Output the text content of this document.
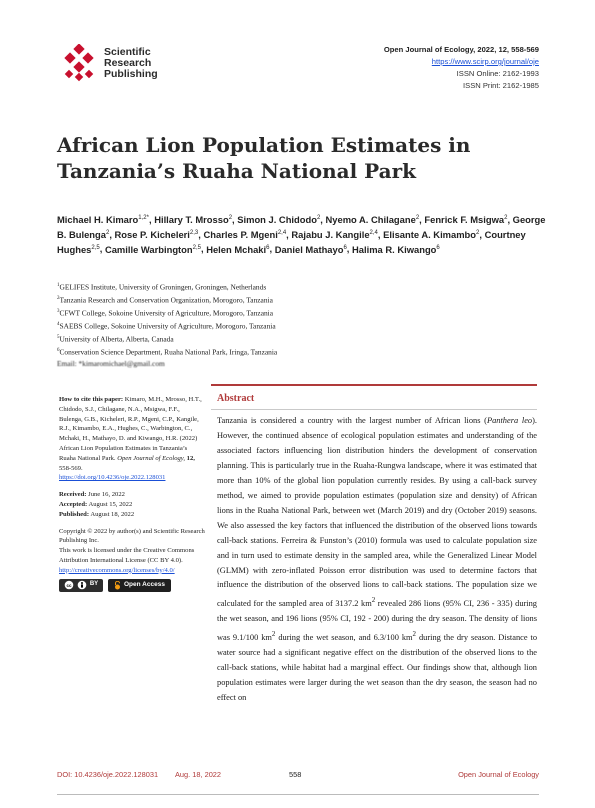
Scientific
Research
Publishing
Open Journal of Ecology, 2022, 12, 558-569
https://www.scirp.org/journal/oje
ISSN Online: 2162-1993
ISSN Print: 2162-1985
African Lion Population Estimates in
Tanzania’s Ruaha National Park
Michael H. Kimaro$^{1,2*}$, Hillary T. Mrosso$^2$, Simon J. Chidodo$^2$, Nyemo A. Chilagane$^2$, Fenrick F. Msigwa$^2$, George B. Bulenga$^2$, Rose P. Kicheleri$^{2,3}$, Charles P. Mgeni$^{2,4}$, Rajabu J. Kangile$^{2,4}$, Elisante A. Kimambo$^2$, Courtney Hughes$^{2,5}$, Camille Warbington$^{2,5}$, Helen Mchaki$^6$, Daniel Mathayo$^6$, Halima R. Kiwango$^6$
$^1$GELIFES Institute, University of Groningen, Groningen, Netherlands
$^2$Tanzania Research and Conservation Organization, Morogoro, Tanzania
$^3$CFWT College, Sokoine University of Agriculture, Morogoro, Tanzania
$^4$SAEBS College, Sokoine University of Agriculture, Morogoro, Tanzania
$^5$University of Alberta, Alberta, Canada
$^6$Conservation Science Department, Ruaha National Park, Iringa, Tanzania
Email: *kimaromichael@gmail.com
How to cite this paper: Kimaro, M.H., Mrosso, H.T., Chidodo, S.J., Chilagane, N.A., Msigwa, F.F., Bulenga, G.B., Kicheleri, R.P., Mgeni, C.P., Kangile, R.J., Kimambo, E.A., Hughes, C., Warbington, C., Mchaki, H., Mathayo, D. and Kiwango, H.R. (2022) African Lion Population Estimates in Tanzania’s Ruaha National Park. Open Journal of Ecology, 12, 558-569.
https://doi.org/10.4236/oje.2022.128031
Received: June 16, 2022
Accepted: August 15, 2022
Published: August 18, 2022
Copyright © 2022 by author(s) and Scientific Research Publishing Inc.
This work is licensed under the Creative Commons Attribution International License (CC BY 4.0).
http://creativecommons.org/licenses/by/4.0/
cc	BY	Open Access
Abstract
Tanzania is considered a country with the largest number of African lions (Panthera leo). However, the continued absence of ecological population estimates and understanding of the associated factors influencing lion distribution hinders the development of conservation planning. This is particularly true in the Ruaha-Rungwa landscape, where it was estimated that more than 10% of the global lion population currently resides. By using a call-back survey method, we aimed to provide population estimates (population size and density) of African lions in the Ruaha National Park, between wet (March 2019) and dry (October 2019) seasons. We also assessed the key factors that influenced the distribution of the observed lions towards call-back stations. Ferreira & Funston’s (2010) formula was used to calculate population size and in turn used to estimate density in the sampled area, while the Generalized Linear Model (GLMM) with zero-inflated Poisson error distribution was used to determine factors that influence the distribution of the observed lions to call-back stations. The population size we calculated for the sampled area of 3137.2 $km^2$ revealed 286 lions (95% CI, 236 - 335) during the wet season, and 196 lions (95% CI, 192 - 200) during the dry season. The density of lions was 9.1/100 $km^2$ during the wet season, and 6.3/100 $km^2$ during the dry season. Distance to water source had a significant negative effect on the distribution of the observed lions to the call-back stations, while habitat had a marginal effect. Our findings show that, although lion population estimates were larger during the wet season than the dry season, the season had no effect on
DOI: 10.4236/oje.2022.128031 Aug. 18, 2022	558	Open Journal of Ecology
